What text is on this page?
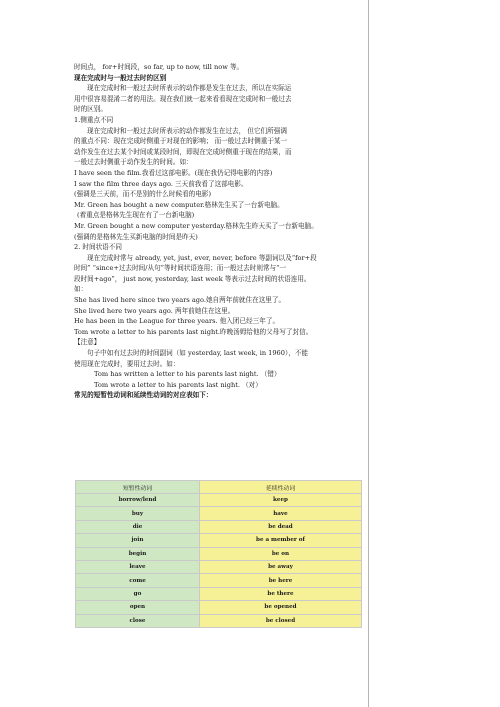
时间点， for+时间段，so far, up to now, till now 等。

现在完成时与一般过去时的区别

现在完成时和一般过去时所表示的动作都是发生在过去，所以在实际运

用中很容易混淆二者的用法。现在我们就一起来看看现在完成时和一般过去

时的区别。

1.侧重点不同

现在完成时和一般过去时所表示的动作都发生在过去， 但它们所强调

的重点不同：现在完成时侧重于对现在的影响； 而一般过去时侧重于某一

动作发生在过去某个时间或某段时间，即现在完成时侧重于现在的结果，而

一般过去时侧重于动作发生的时间。如：

I have seen the film.我看过这部电影。(现在我仍记得电影的内容)

I saw the film three days ago. 三天前我看了这部电影。

(强调是三天前，而不是别的什么时候看的电影)

Mr. Green has bought a new computer.格林先生买了一台新电脑。

(着重点是格林先生现在有了一台新电脑)

Mr. Green bought a new computer yesterday.格林先生昨天买了一台新电脑。

(强调的是格林先生买新电脑的时间是昨天)

2. 时间状语不同

现在完成时常与 already, yet, just, ever, never, before 等副词以及“for+段

时间” “since+过去时间/从句”等时间状语连用；而一般过去时则常与“一

段时间+ago”， just now, yesterday, last week 等表示过去时间的状语连用。

如：

She has lived here since two years ago.她自两年前就住在这里了。

She lived here two years ago. 两年前她住在这里。

He has been in the League for three years. 他入团已经三年了。

Tom wrote a letter to his parents last night.昨晚汤姆给他的父母写了封信。

【注意】

句子中如有过去时的时间副词（如 yesterday, last week, in 1960），不能

使用现在完成时，要用过去时。如：

Tom has written a letter to his parents last night. （错）

Tom wrote a letter to his parents last night. （对）

常见的短暂性动词和延续性动词的对应表如下：

短暂性动词	延续性动词
borrow/lend	keep
buy	have
die	be dead
join	be a member of
begin	be on
leave	be away
come	be here
go	be there
open	be opened
close	be closed
